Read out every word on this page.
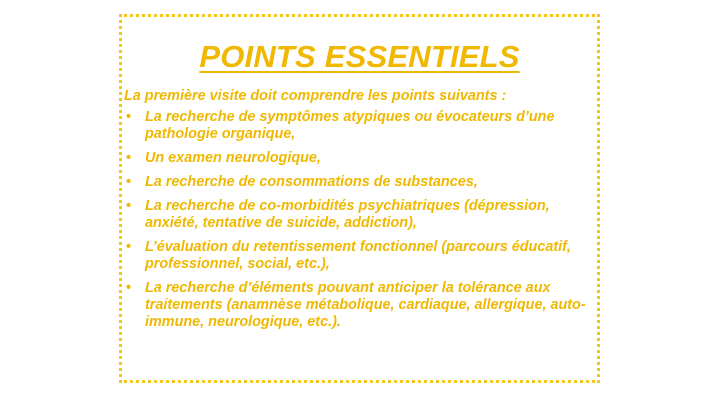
POINTS ESSENTIELS

La première visite doit comprendre les points suivants :

• La recherche de symptômes atypiques ou évocateurs d’une pathologie organique,
• Un examen neurologique,
• La recherche de consommations de substances,
• La recherche de co-morbidités psychiatriques (dépression, anxiété, tentative de suicide, addiction),
• L’évaluation du retentissement fonctionnel (parcours éducatif, professionnel, social, etc.),
• La recherche d’éléments pouvant anticiper la tolérance aux traitements (anamnèse métabolique, cardiaque, allergique, auto-immune, neurologique, etc.).
